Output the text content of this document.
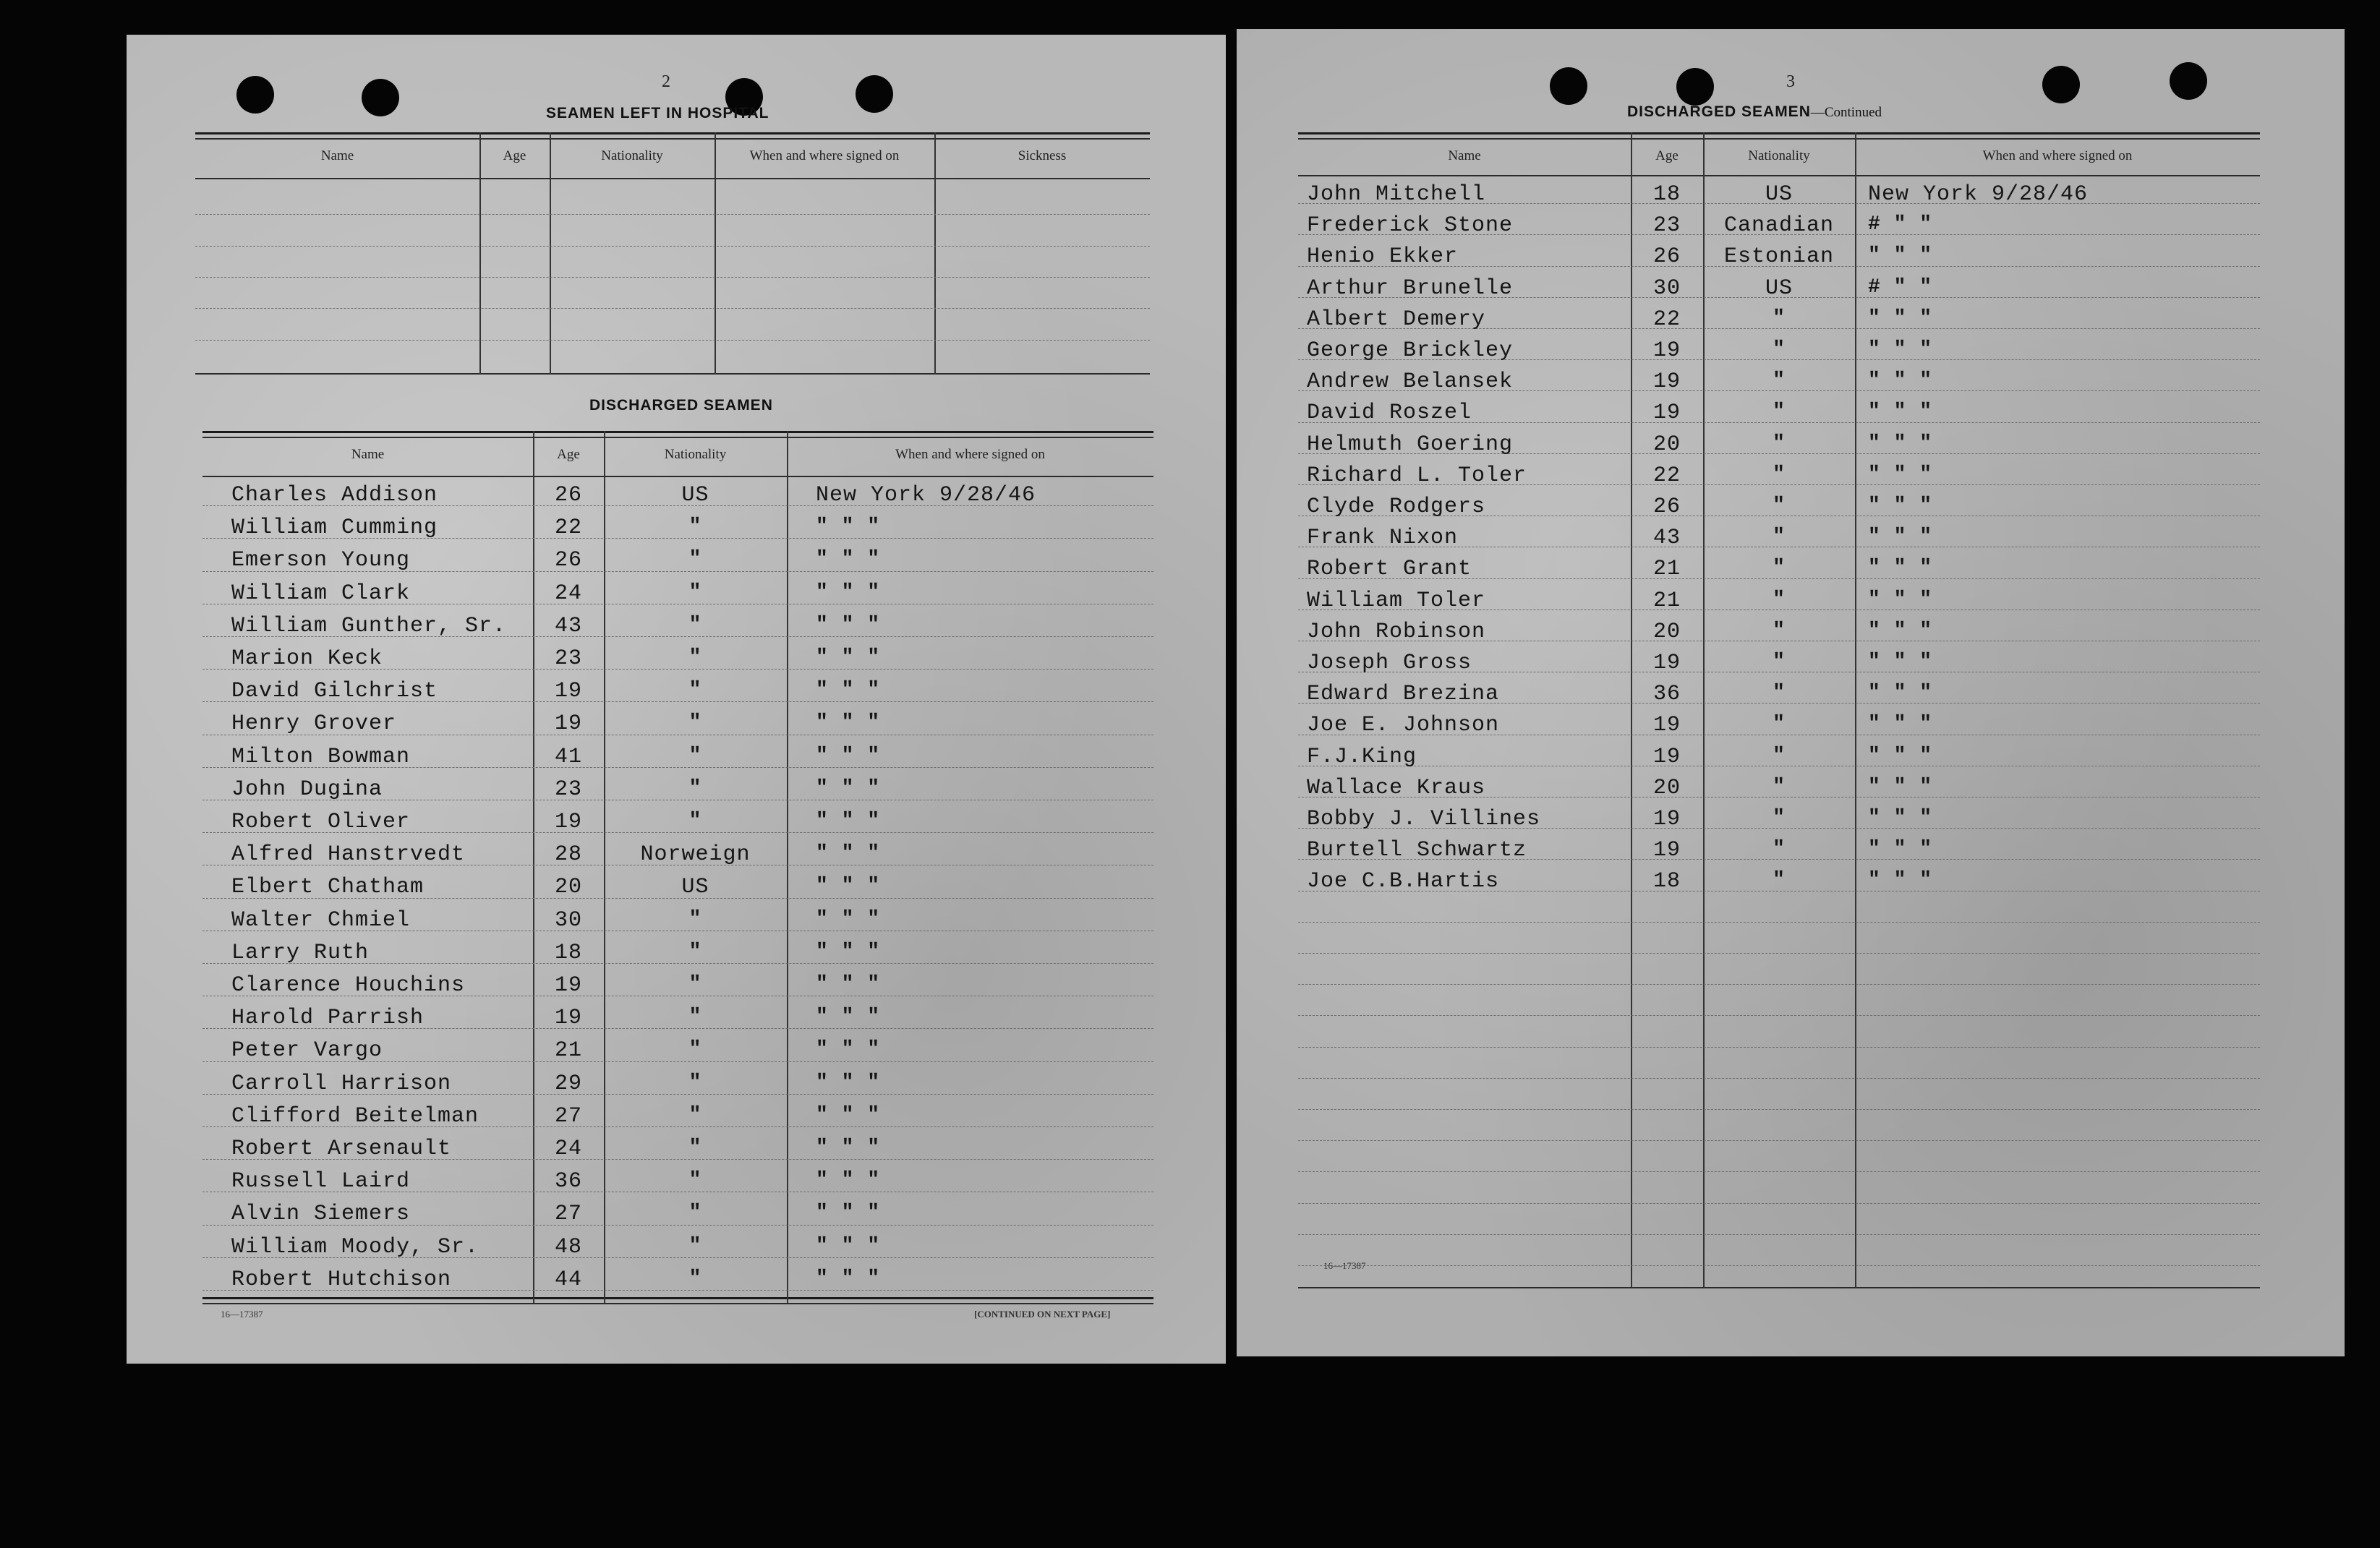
2
SEAMEN LEFT IN HOSPITAL
Name	Age	Nationality	When and where signed on	Sickness
DISCHARGED SEAMEN
Name	Age	Nationality	When and where signed on
Charles Addison	26	US	New York 9/28/46
William Cumming	22	"	" " "
Emerson Young	26	"	" " "
William Clark	24	"	" " "
William Gunther, Sr.	43	"	" " "
Marion Keck	23	"	" " "
David Gilchrist	19	"	" " "
Henry Grover	19	"	" " "
Milton Bowman	41	"	" " "
John Dugina	23	"	" " "
Robert Oliver	19	"	" " "
Alfred Hanstrvedt	28	Norweign	" " "
Elbert Chatham	20	US	" " "
Walter Chmiel	30	"	" " "
Larry Ruth	18	"	" " "
Clarence Houchins	19	"	" " "
Harold Parrish	19	"	" " "
Peter Vargo	21	"	" " "
Carroll Harrison	29	"	" " "
Clifford Beitelman	27	"	" " "
Robert Arsenault	24	"	" " "
Russell Laird	36	"	" " "
Alvin Siemers	27	"	" " "
William Moody, Sr.	48	"	" " "
Robert Hutchison	44	"	" " "
16—17387	[CONTINUED ON NEXT PAGE]
3
DISCHARGED SEAMEN—Continued
Name	Age	Nationality	When and where signed on
John Mitchell	18	US	New York 9/28/46
Frederick Stone	23	Canadian	# " "
Henio Ekker	26	Estonian	" " "
Arthur Brunelle	30	US	# " "
Albert Demery	22	"	" " "
George Brickley	19	"	" " "
Andrew Belansek	19	"	" " "
David Roszel	19	"	" " "
Helmuth Goering	20	"	" " "
Richard L. Toler	22	"	" " "
Clyde Rodgers	26	"	" " "
Frank Nixon	43	"	" " "
Robert Grant	21	"	" " "
William Toler	21	"	" " "
John Robinson	20	"	" " "
Joseph Gross	19	"	" " "
Edward Brezina	36	"	" " "
Joe E. Johnson	19	"	" " "
F.J.King	19	"	" " "
Wallace Kraus	20	"	" " "
Bobby J. Villines	19	"	" " "
Burtell Schwartz	19	"	" " "
Joe C.B.Hartis	18	"	" " "
16—17387
